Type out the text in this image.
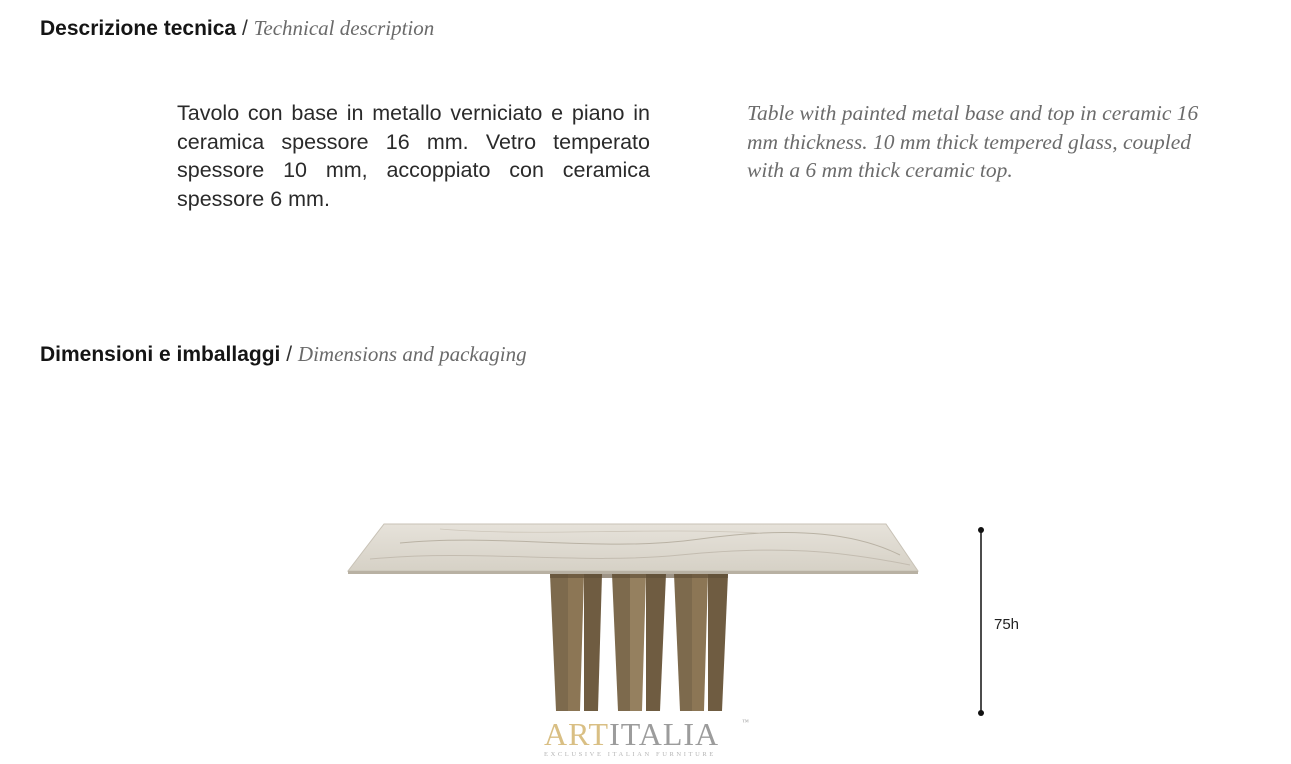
Descrizione tecnica / Technical description
Tavolo con base in metallo verniciato e piano in ceramica spessore 16 mm. Vetro temperato spessore 10 mm, accoppiato con ceramica spessore 6 mm.
Table with painted metal base and top in ceramic 16 mm thickness. 10 mm thick tempered glass, coupled with a 6 mm thick ceramic top.
Dimensioni e imballaggi / Dimensions and packaging
75h
ARTITALIA	™
EXCLUSIVE ITALIAN FURNITURE
